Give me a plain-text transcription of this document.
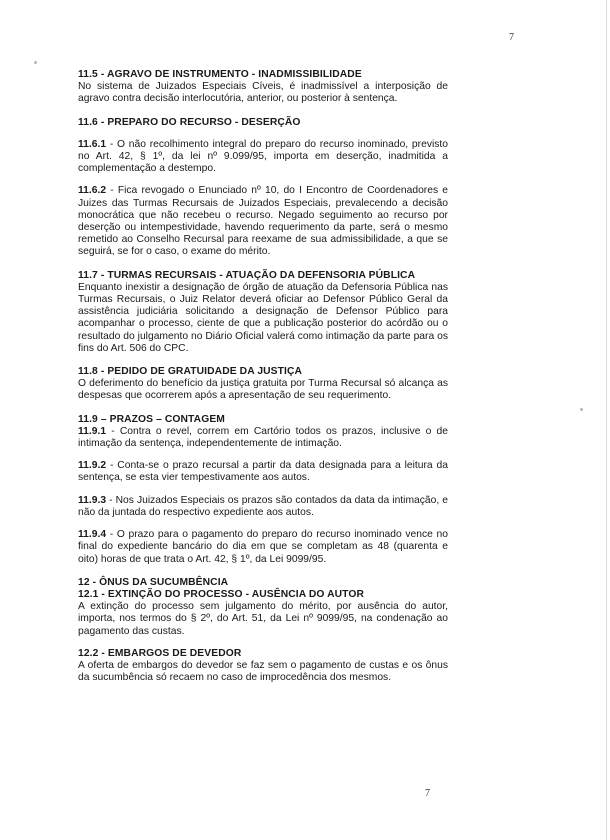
7
11.5 - AGRAVO DE INSTRUMENTO - INADMISSIBILIDADE

No sistema de Juizados Especiais Cíveis, é inadmissível a interposição de agravo contra decisão interlocutória, anterior, ou posterior à sentença.

11.6 - PREPARO DO RECURSO - DESERÇÃO

11.6.1 - O não recolhimento integral do preparo do recurso inominado, previsto no Art. 42, § 1º, da lei nº 9.099/95, importa em deserção, inadmitida a complementação a destempo.

11.6.2 - Fica revogado o Enunciado nº 10, do I Encontro de Coordenadores e Juizes das Turmas Recursais de Juizados Especiais, prevalecendo a decisão monocrática que não recebeu o recurso. Negado seguimento ao recurso por deserção ou intempestividade, havendo requerimento da parte, será o mesmo remetido ao Conselho Recursal para reexame de sua admissibilidade, a que se seguirá, se for o caso, o exame do mérito.

11.7 - TURMAS RECURSAIS - ATUAÇÃO DA DEFENSORIA PÚBLICA

Enquanto inexistir a designação de órgão de atuação da Defensoria Pública nas Turmas Recursais, o Juiz Relator deverá oficiar ao Defensor Público Geral da assistência judiciária solicitando a designação de Defensor Público para acompanhar o processo, ciente de que a publicação posterior do acórdão ou o resultado do julgamento no Diário Oficial valerá como intimação da parte para os fins do Art. 506 do CPC.

11.8 - PEDIDO DE GRATUIDADE DA JUSTIÇA

O deferimento do benefício da justiça gratuita por Turma Recursal só alcança as despesas que ocorrerem após a apresentação de seu requerimento.

11.9 – PRAZOS – CONTAGEM

11.9.1 - Contra o revel, correm em Cartório todos os prazos, inclusive o de intimação da sentença, independentemente de intimação.

11.9.2 - Conta-se o prazo recursal a partir da data designada para a leitura da sentença, se esta vier tempestivamente aos autos.

11.9.3 - Nos Juizados Especiais os prazos são contados da data da intimação, e não da juntada do respectivo expediente aos autos.

11.9.4 - O prazo para o pagamento do preparo do recurso inominado vence no final do expediente bancário do dia em que se completam as 48 (quarenta e oito) horas de que trata o Art. 42, § 1º, da Lei 9099/95.

12 - ÔNUS DA SUCUMBÊNCIA
12.1 - EXTINÇÃO DO PROCESSO - AUSÊNCIA DO AUTOR

A extinção do processo sem julgamento do mérito, por ausência do autor, importa, nos termos do § 2º, do Art. 51, da Lei nº 9099/95, na condenação ao pagamento das custas.

12.2 - EMBARGOS DE DEVEDOR

A oferta de embargos do devedor se faz sem o pagamento de custas e os ônus da sucumbência só recaem no caso de improcedência dos mesmos.

7
